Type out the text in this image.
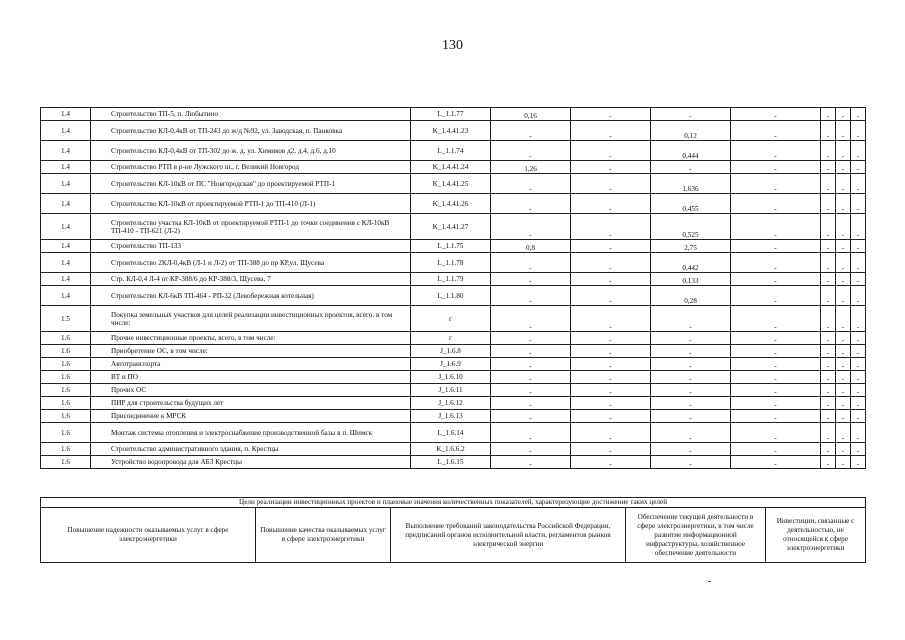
130
1.4	Строительство ТП-5, п. Любытино	L_1.1.77	0,16	-	-	-	-	-	-
1.4	Строительство КЛ-0,4кВ от ТП-243 до ж/д №92, ул. Заводская, п. Панковка	K_1.4.41.23	-	-	0,12	-	-	-	-
1.4	Строительство КЛ-0,4кВ от ТП-302 до ж. д. ул. Химиков д2, д.4, д.6, д.10	L_1.1.74	-	-	0,444	-	-	-	-
1.4	Строительство РТП в р-не Лужского ш., г. Великий Новгород	K_1.4.41.24	1,26	-	-	-	-	-	-
1.4	Строительство КЛ-10кВ от ПС "Новгородская" до проектируемой РТП-1	K_1.4.41.25	-	-	1,636	-	-	-	-
1.4	Строительство КЛ-10кВ от проектируемой РТП-1 до ТП-410 (Л-1)	K_1.4.41.26	-	-	0,455	-	-	-	-
1.4	Строительство участка КЛ-10кВ от проектируемой РТП-1 до точки соединения с КЛ-10кВ ТП-410 - ТП-621 (Л-2)	K_1.4.41.27	-	-	0,525	-	-	-	-
1.4	Строительство ТП-133	L_1.1.75	0,8	-	2,75	-	-	-	-
1.4	Строительство 2КЛ-0,4кВ (Л-1 и Л-2) от ТП-388 до пр КР,ул. Щусева	L_1.1.78	-	-	0,442	-	-	-	-
1.4	Стр. КЛ-0,4 Л-4 от КР-388/6 до КР-388/3, Щусева, 7	L_1.1.79	-	-	0,133	-	-	-	-
1.4	Строительство КЛ-6кВ ТП-464 - РП-32 (Левобережная котельная)	L_1.1.80	-	-	0,28	-	-	-	-
1.5	Покупка земельных участков для целей реализации инвестиционных проектов, всего, в том числе:	г	-	-	-	-	-	-	-
1.6	Прочие инвестиционные проекты, всего, в том числе:	г	-	-	-	-	-	-	-
1.6	Приобретение ОС, в том числе:	J_1.6.8	-	-	-	-	-	-	-
1.6	Автотранспорта	J_1.6.9	-	-	-	-	-	-	-
1.6	ВТ и ПО	J_1.6.10	-	-	-	-	-	-	-
1.6	Прочих ОС	J_1.6.11	-	-	-	-	-	-	-
1.6	ПИР для строительства будущих лет	J_1.6.12	-	-	-	-	-	-	-
1.6	Присоединение к МРСК	J_1.6.13	-	-	-	-	-	-	-
1.6	Монтаж системы отопления и электроснабжение производственной базы в п. Шимск	L_1.6.14	-	-	-	-	-	-	-
1.6	Строительство административного здания, п. Крестцы	K_1.6.6.2	-	-	-	-	-	-	-
1.6	Устройство водопровода для АБЗ Крестцы	L_1.6.15	-	-	-	-	-	-	-
Цели реализации инвестиционных проектов и плановые значения количественных показателей, характеризующие достижение таких целей
Повышение надежности оказываемых услуг в сфере электроэнергетики	Повышение качества оказываемых услуг в сфере электроэнергетики	Выполнение требований законодательства Российской Федерации, предписаний органов исполнительной власти, регламентов рынков электрической энергии	Обеспечение текущей деятельности в сфере электроэнергетики, в том числе развитие информационной инфраструктуры, хозяйственное обеспечение деятельности	Инвестиции, связанные с деятельностью, не относящейся к сфере электроэнергетики
